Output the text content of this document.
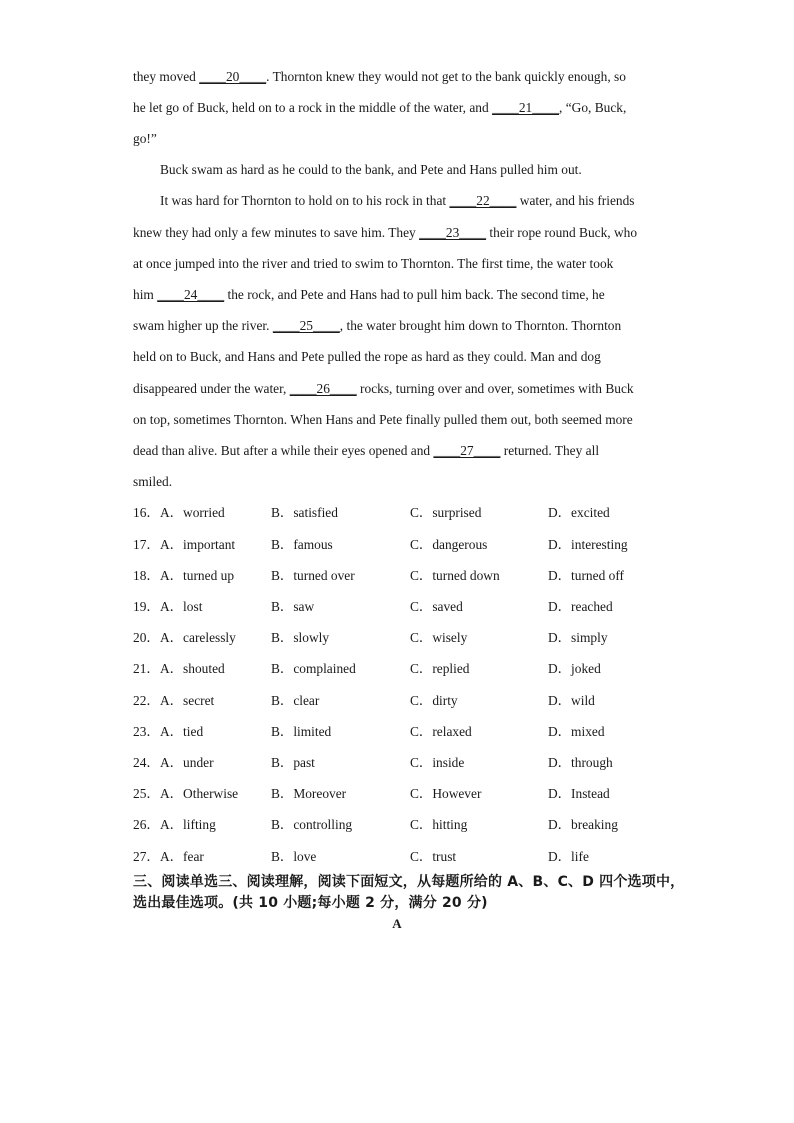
they moved ____20____. Thornton knew they would not get to the bank quickly enough, so
he let go of Buck, held on to a rock in the middle of the water, and ____21____, “Go, Buck,
go!”
Buck swam as hard as he could to the bank, and Pete and Hans pulled him out.
It was hard for Thornton to hold on to his rock in that ____22____ water, and his friends
knew they had only a few minutes to save him. They ____23____ their rope round Buck, who
at once jumped into the river and tried to swim to Thornton. The first time, the water took
him ____24____ the rock, and Pete and Hans had to pull him back. The second time, he
swam higher up the river. ____25____, the water brought him down to Thornton. Thornton
held on to Buck, and Hans and Pete pulled the rope as hard as they could. Man and dog
disappeared under the water, ____26____ rocks, turning over and over, sometimes with Buck
on top, sometimes Thornton. When Hans and Pete finally pulled them out, both seemed more
dead than alive. But after a while their eyes opened and ____27____ returned. They all
smiled.
16． A．worried	B．satisfied	C．surprised	D．excited
17． A．important	B．famous	C．dangerous	D．interesting
18． A．turned up	B．turned over	C．turned down	D．turned off
19． A．lost	B．saw	C．saved	D．reached
20． A．carelessly	B．slowly	C．wisely	D．simply
21． A．shouted	B．complained	C．replied	D．joked
22． A．secret	B．clear	C．dirty	D．wild
23． A．tied	B．limited	C．relaxed	D．mixed
24． A．under	B．past	C．inside	D．through
25． A．Otherwise B．Moreover	C．However	D．Instead
26． A．lifting	B．controlling	C．hitting	D．breaking
27． A．fear	B．love	C．trust	D．life
三、阅读单选三、阅读理解，阅读下面短文，从每题所给的 A、B、C、D 四个选项中，
选出最佳选项。(共 10 小题;每小题 2 分，满分 20 分)
A
